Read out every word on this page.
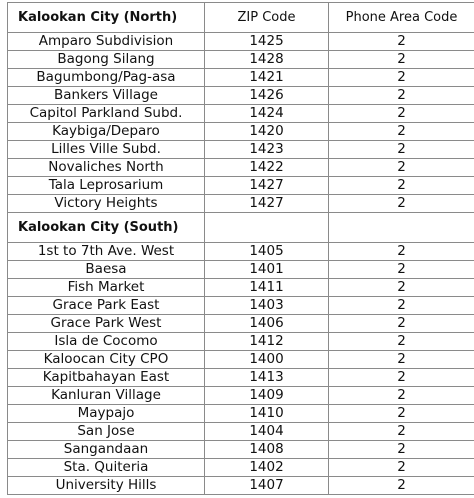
Kalookan City (North)	ZIP Code	Phone Area Code
Amparo Subdivision	1425	2
Bagong Silang	1428	2
Bagumbong/Pag-asa	1421	2
Bankers Village	1426	2
Capitol Parkland Subd.	1424	2
Kaybiga/Deparo	1420	2
Lilles Ville Subd.	1423	2
Novaliches North	1422	2
Tala Leprosarium	1427	2
Victory Heights	1427	2
Kalookan City (South)		
1st to 7th Ave. West	1405	2
Baesa	1401	2
Fish Market	1411	2
Grace Park East	1403	2
Grace Park West	1406	2
Isla de Cocomo	1412	2
Kaloocan City CPO	1400	2
Kapitbahayan East	1413	2
Kanluran Village	1409	2
Maypajo	1410	2
San Jose	1404	2
Sangandaan	1408	2
Sta. Quiteria	1402	2
University Hills	1407	2
